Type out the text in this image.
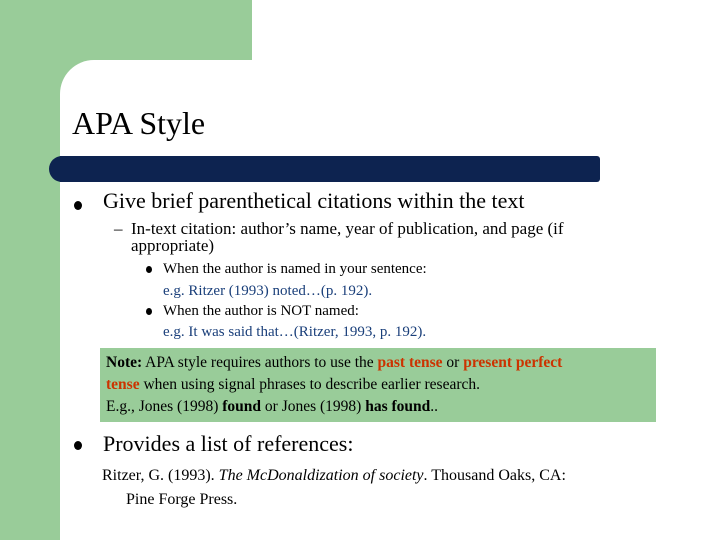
APA Style
Give brief parenthetical citations within the text
– In-text citation: author’s name, year of publication, and page (if
appropriate)
When the author is named in your sentence:
e.g. Ritzer (1993) noted…(p. 192).
When the author is NOT named:
e.g. It was said that…(Ritzer, 1993, p. 192).
Note: APA style requires authors to use the past tense or present perfect
tense when using signal phrases to describe earlier research.
E.g., Jones (1998) found or Jones (1998) has found..
Provides a list of references:
Ritzer, G. (1993). The McDonaldization of society. Thousand Oaks, CA:
Pine Forge Press.
